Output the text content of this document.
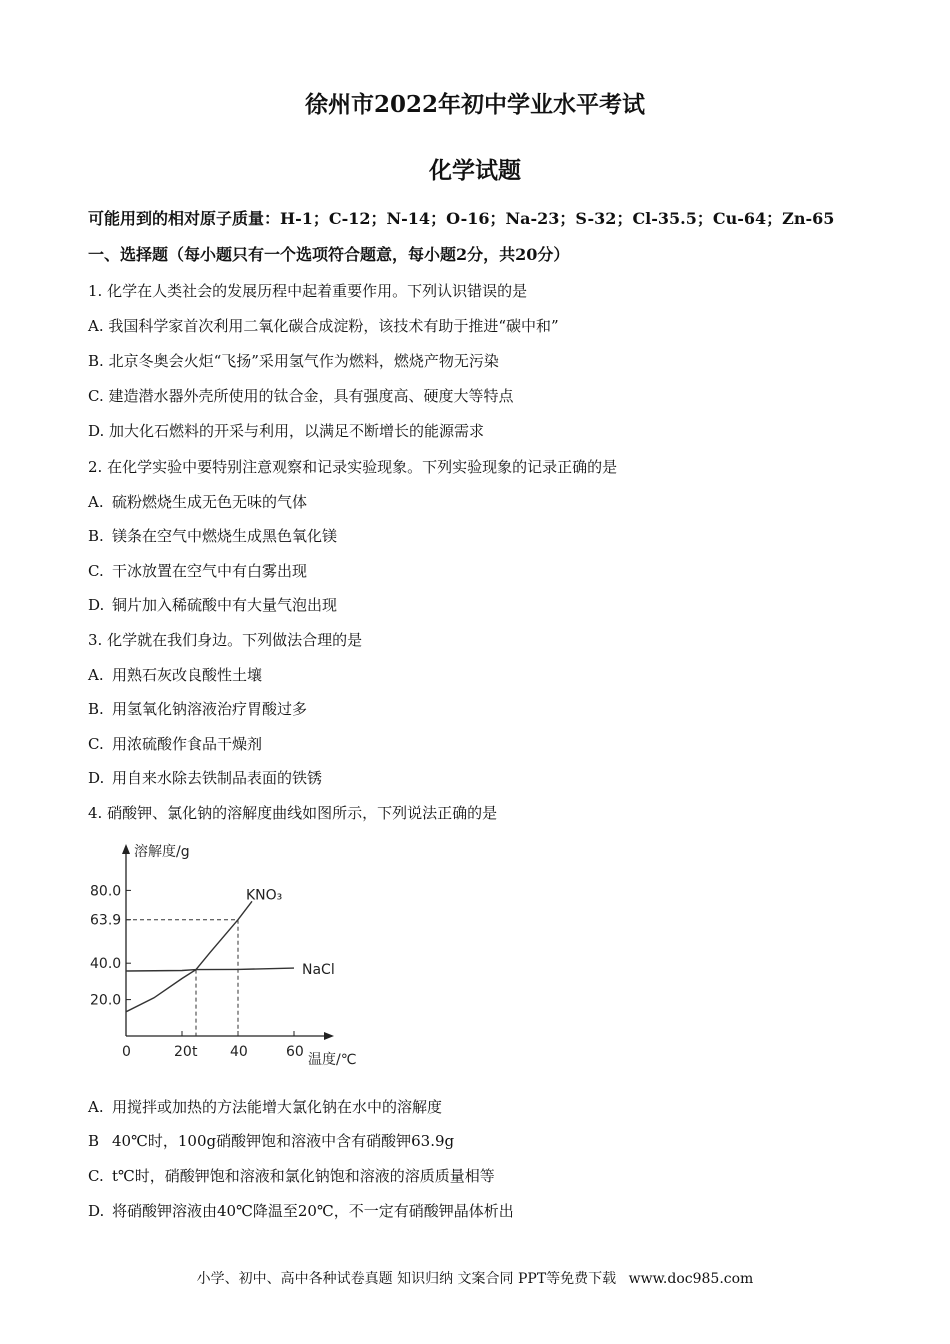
徐州市2022年初中学业水平考试
化学试题
可能用到的相对原子质量：H-1；C-12；N-14；O-16；Na-23；S-32；Cl-35.5；Cu-64；Zn-65
一、选择题（每小题只有一个选项符合题意，每小题2分，共20分）
1. 化学在人类社会的发展历程中起着重要作用。下列认识错误的是
A. 我国科学家首次利用二氧化碳合成淀粉，该技术有助于推进“碳中和”
B. 北京冬奥会火炬“飞扬”采用氢气作为燃料，燃烧产物无污染
C. 建造潜水器外壳所使用的钛合金，具有强度高、硬度大等特点
D. 加大化石燃料的开采与利用，以满足不断增长的能源需求
2. 在化学实验中要特别注意观察和记录实验现象。下列实验现象的记录正确的是
A. 硫粉燃烧生成无色无味的气体
B. 镁条在空气中燃烧生成黑色氧化镁
C. 干冰放置在空气中有白雾出现
D. 铜片加入稀硫酸中有大量气泡出现
3. 化学就在我们身边。下列做法合理的是
A. 用熟石灰改良酸性土壤
B. 用氢氧化钠溶液治疗胃酸过多
C. 用浓硫酸作食品干燥剂
D. 用自来水除去铁制品表面的铁锈
4. 硝酸钾、氯化钠的溶解度曲线如图所示，下列说法正确的是
溶解度/g
温度/℃
0	20 t 40	60
20.0
40.0
63.9
80.0	KNO₃
NaCl
A. 用搅拌或加热的方法能增大氯化钠在水中的溶解度
B 40℃时，100g硝酸钾饱和溶液中含有硝酸钾63.9g
C. t℃时，硝酸钾饱和溶液和氯化钠饱和溶液的溶质质量相等
D. 将硝酸钾溶液由40℃降温至20℃，不一定有硝酸钾晶体析出
小学、初中、高中各种试卷真题 知识归纳 文案合同 PPT等免费下载 www.doc985.com
